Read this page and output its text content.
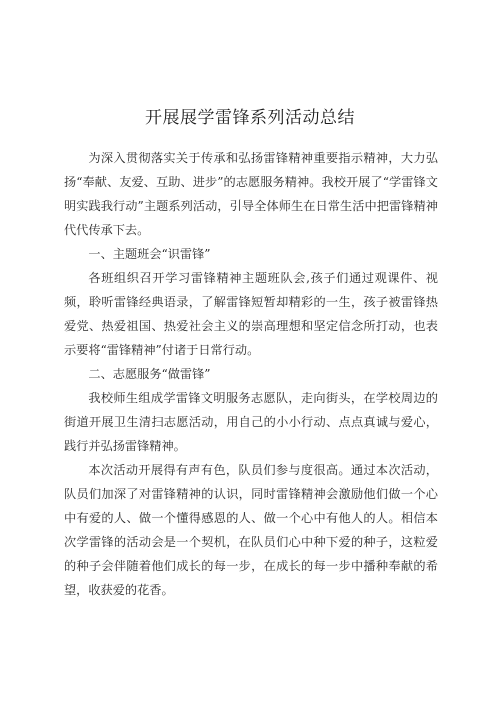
开展展学雷锋系列活动总结

为深入贯彻落实关于传承和弘扬雷锋精神重要指示精神，大力弘扬“奉献、友爱、互助、进步”的志愿服务精神。我校开展了“学雷锋文明实践我行动”主题系列活动，引导全体师生在日常生活中把雷锋精神代代传承下去。

一、主题班会“识雷锋”

各班组织召开学习雷锋精神主题班队会,孩子们通过观课件、视频，聆听雷锋经典语录，了解雷锋短暂却精彩的一生，孩子被雷锋热爱党、热爱祖国、热爱社会主义的崇高理想和坚定信念所打动，也表示要将“雷锋精神”付诸于日常行动。

二、志愿服务“做雷锋”

我校师生组成学雷锋文明服务志愿队，走向街头，在学校周边的街道开展卫生清扫志愿活动，用自己的小小行动、点点真诚与爱心，践行并弘扬雷锋精神。

本次活动开展得有声有色，队员们参与度很高。通过本次活动，队员们加深了对雷锋精神的认识，同时雷锋精神会激励他们做一个心中有爱的人、做一个懂得感恩的人、做一个心中有他人的人。相信本次学雷锋的活动会是一个契机，在队员们心中种下爱的种子，这粒爱的种子会伴随着他们成长的每一步，在成长的每一步中播种奉献的希望，收获爱的花香。
